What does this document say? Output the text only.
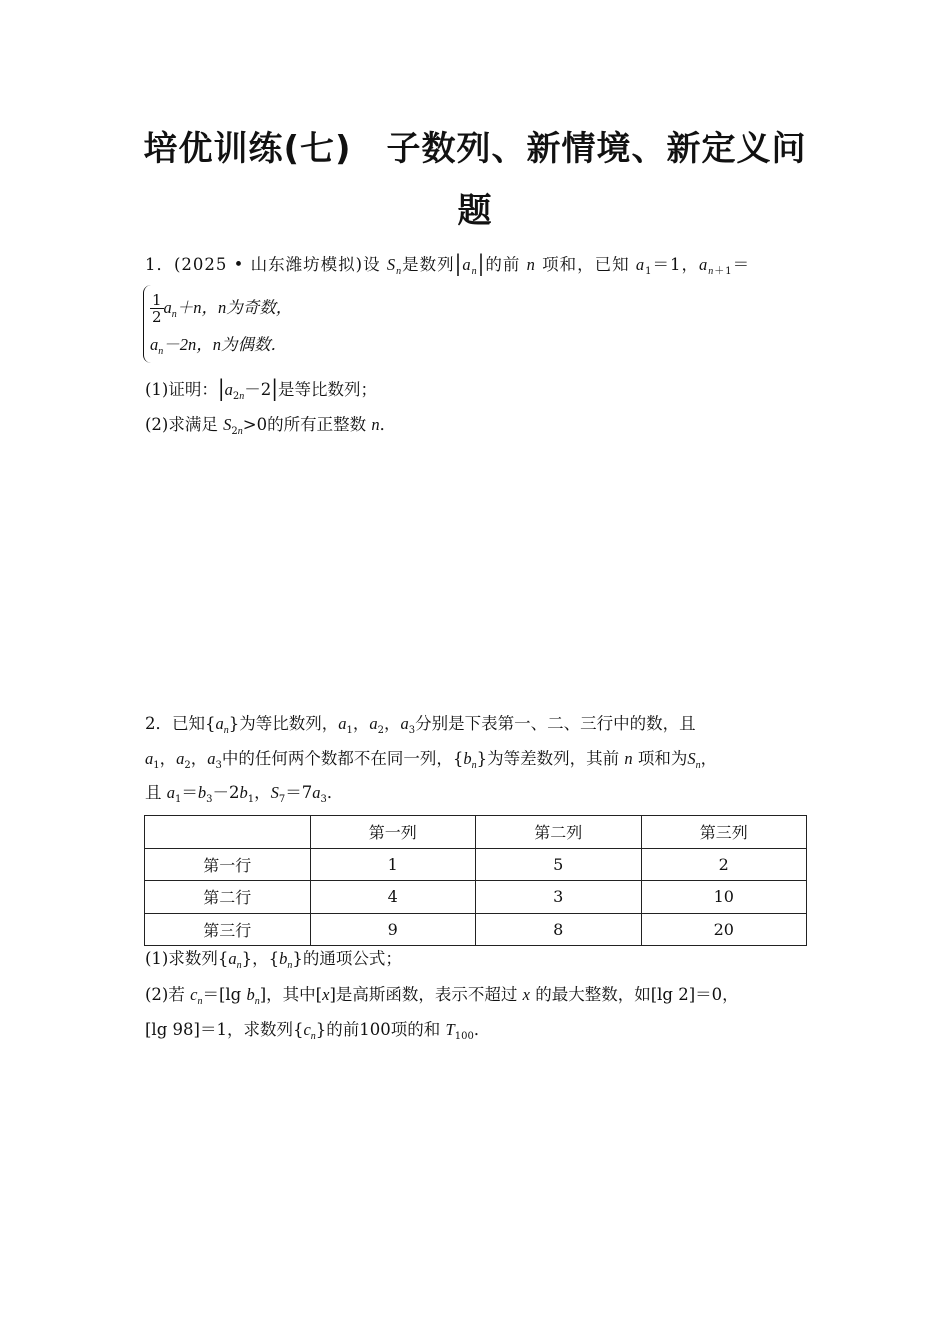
培优训练(七)　子数列、新情境、新定义问
题
1．(2025 • 山东潍坊模拟)设 $S_n$是数列$|a_n|$的前 n 项和，已知 $a_1=1$，$a_{n+1}=$
$\frac{1}{2} a_n+n$，n为奇数，
$a_n-2n$，n为偶数．
(1)证明：$|a_{2n}-2|$是等比数列；
(2)求满足 $S_{2n}>0$的所有正整数 n．
2．已知$\{a_n\}$为等比数列，$a_1$，$a_2$，$a_3$分别是下表第一、二、三行中的数，且
$a_1$，$a_2$，$a_3$中的任何两个数都不在同一列，$\{b_n\}$为等差数列，其前 n 项和为$S_n$，
且 $a_1=b_3-2b_1$，$S_7=7a_3$．
	第一列	第二列	第三列
第一行	1	5	2
第二行	4	3	10
第三行	9	8	20
(1)求数列$\{a_n\}$，$\{b_n\}$的通项公式；
(2)若 $c_n=[\lg$ $b_n$]，其中[x]是高斯函数，表示不超过 x 的最大整数，如[lg 2]＝0，
[lg 98]＝1，求数列$\{c_n\}$的前100项的和 $T_{100}$．
